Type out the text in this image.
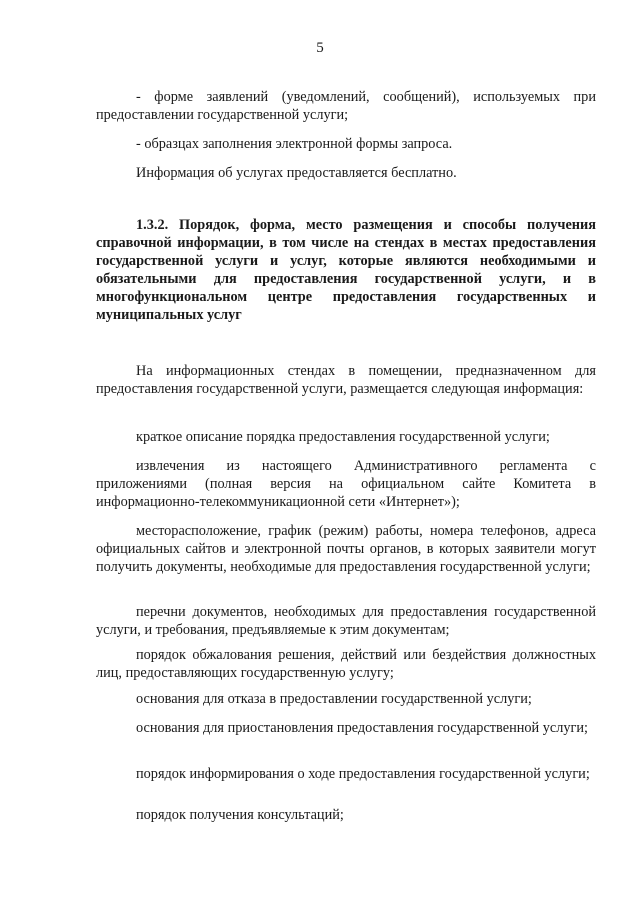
5
- форме заявлений (уведомлений, сообщений), используемых при предоставлении государственной услуги;
- образцах заполнения электронной формы запроса.
Информация об услугах предоставляется бесплатно.
1.3.2. Порядок, форма, место размещения и способы получения справочной информации, в том числе на стендах в местах предоставления государственной услуги и услуг, которые являются необходимыми и обязательными для предоставления государственной услуги, и в многофункциональном центре предоставления государственных и муниципальных услуг
На информационных стендах в помещении, предназначенном для предоставления государственной услуги, размещается следующая информация:
краткое описание порядка предоставления государственной услуги;
извлечения из настоящего Административного регламента с приложениями (полная версия на официальном сайте Комитета в информационно-телекоммуникационной сети «Интернет»);
месторасположение, график (режим) работы, номера телефонов, адреса официальных сайтов и электронной почты органов, в которых заявители могут получить документы, необходимые для предоставления государственной услуги;
перечни документов, необходимых для предоставления государственной услуги, и требования, предъявляемые к этим документам;
порядок обжалования решения, действий или бездействия должностных лиц, предоставляющих государственную услугу;
основания для отказа в предоставлении государственной услуги;
основания для приостановления предоставления государственной услуги;
порядок информирования о ходе предоставления государственной услуги;
порядок получения консультаций;
